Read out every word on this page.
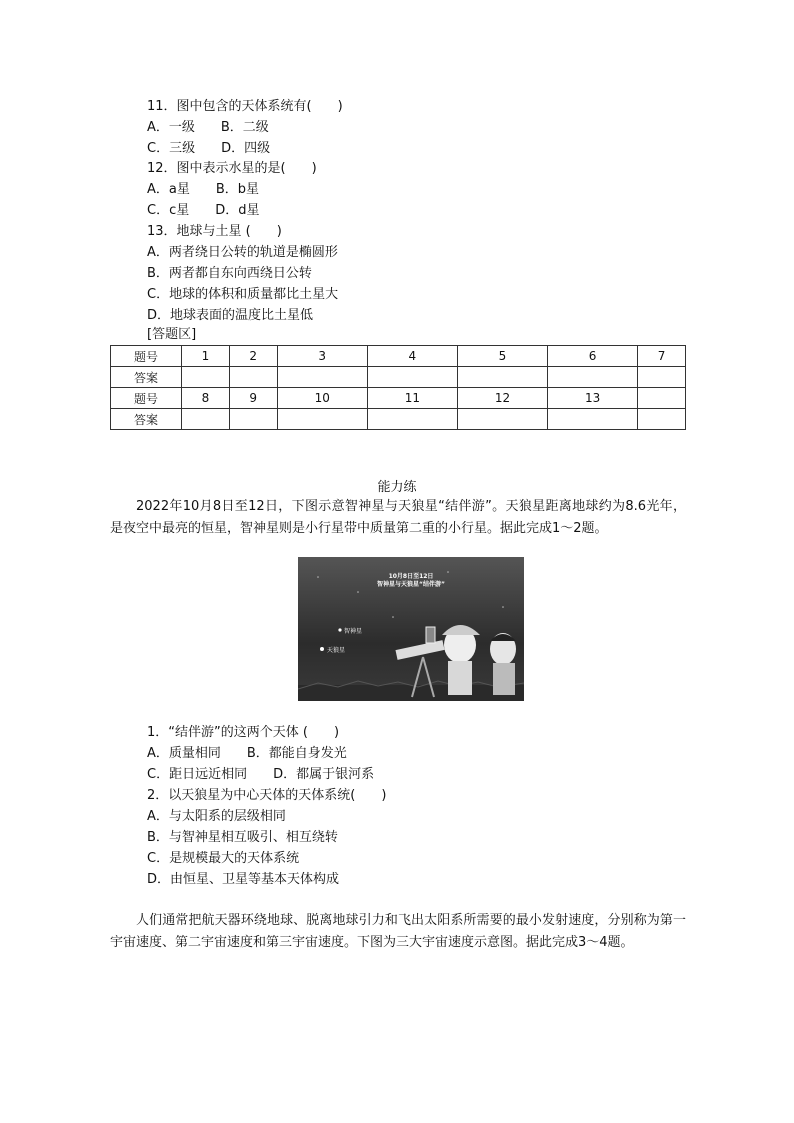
11．图中包含的天体系统有(　　)
A．一级　　B．二级
C．三级　　D．四级
12．图中表示水星的是(　　)
A．a星　　B．b星
C．c星　　D．d星
13．地球与土星 (　　)
A．两者绕日公转的轨道是椭圆形
B．两者都自东向西绕日公转
C．地球的体积和质量都比土星大
D．地球表面的温度比土星低
[答题区]
题号	1	2	3	4	5	6	7
答案							
题号	8	9	10	11	12	13	
答案							
能力练
2022年10月8日至12日，下图示意智神星与天狼星“结伴游”。天狼星距离地球约为8.6光年，是夜空中最亮的恒星，智神星则是小行星带中质量第二重的小行星。据此完成1～2题。
10月8日至12日
智神星与天狼星“结伴游”
智神星
天狼星
1．“结伴游”的这两个天体 (　　)
A．质量相同　　B．都能自身发光
C．距日远近相同　　D．都属于银河系
2．以天狼星为中心天体的天体系统(　　)
A．与太阳系的层级相同
B．与智神星相互吸引、相互绕转
C．是规模最大的天体系统
D．由恒星、卫星等基本天体构成
人们通常把航天器环绕地球、脱离地球引力和飞出太阳系所需要的最小发射速度，分别称为第一宇宙速度、第二宇宙速度和第三宇宙速度。下图为三大宇宙速度示意图。据此完成3～4题。
